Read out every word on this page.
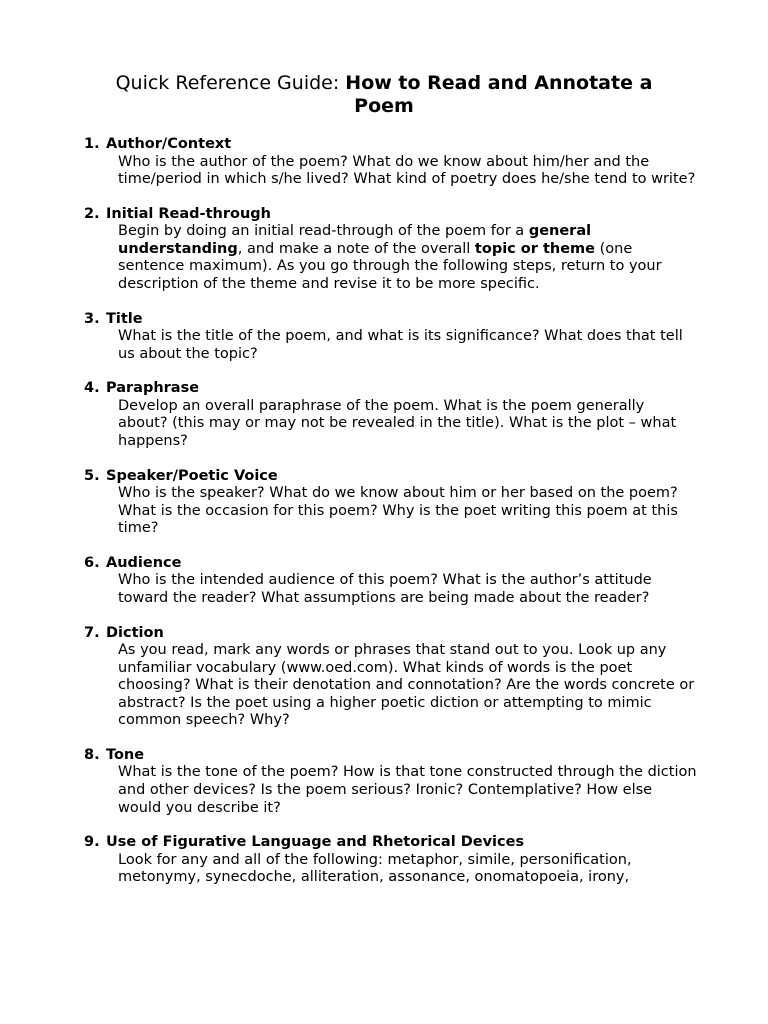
Quick Reference Guide: How to Read and Annotate a Poem
1. Author/Context
Who is the author of the poem? What do we know about him/her and the time/period in which s/he lived? What kind of poetry does he/she tend to write?
2. Initial Read-through
Begin by doing an initial read-through of the poem for a general understanding, and make a note of the overall topic or theme (one sentence maximum). As you go through the following steps, return to your description of the theme and revise it to be more specific.
3. Title
What is the title of the poem, and what is its significance? What does that tell us about the topic?
4. Paraphrase
Develop an overall paraphrase of the poem. What is the poem generally about? (this may or may not be revealed in the title). What is the plot – what happens?
5. Speaker/Poetic Voice
Who is the speaker? What do we know about him or her based on the poem? What is the occasion for this poem? Why is the poet writing this poem at this time?
6. Audience
Who is the intended audience of this poem? What is the author’s attitude toward the reader? What assumptions are being made about the reader?
7. Diction
As you read, mark any words or phrases that stand out to you. Look up any unfamiliar vocabulary (www.oed.com). What kinds of words is the poet choosing? What is their denotation and connotation? Are the words concrete or abstract? Is the poet using a higher poetic diction or attempting to mimic common speech? Why?
8. Tone
What is the tone of the poem? How is that tone constructed through the diction and other devices? Is the poem serious? Ironic? Contemplative? How else would you describe it?
9. Use of Figurative Language and Rhetorical Devices
Look for any and all of the following: metaphor, simile, personification, metonymy, synecdoche, alliteration, assonance, onomatopoeia, irony,
